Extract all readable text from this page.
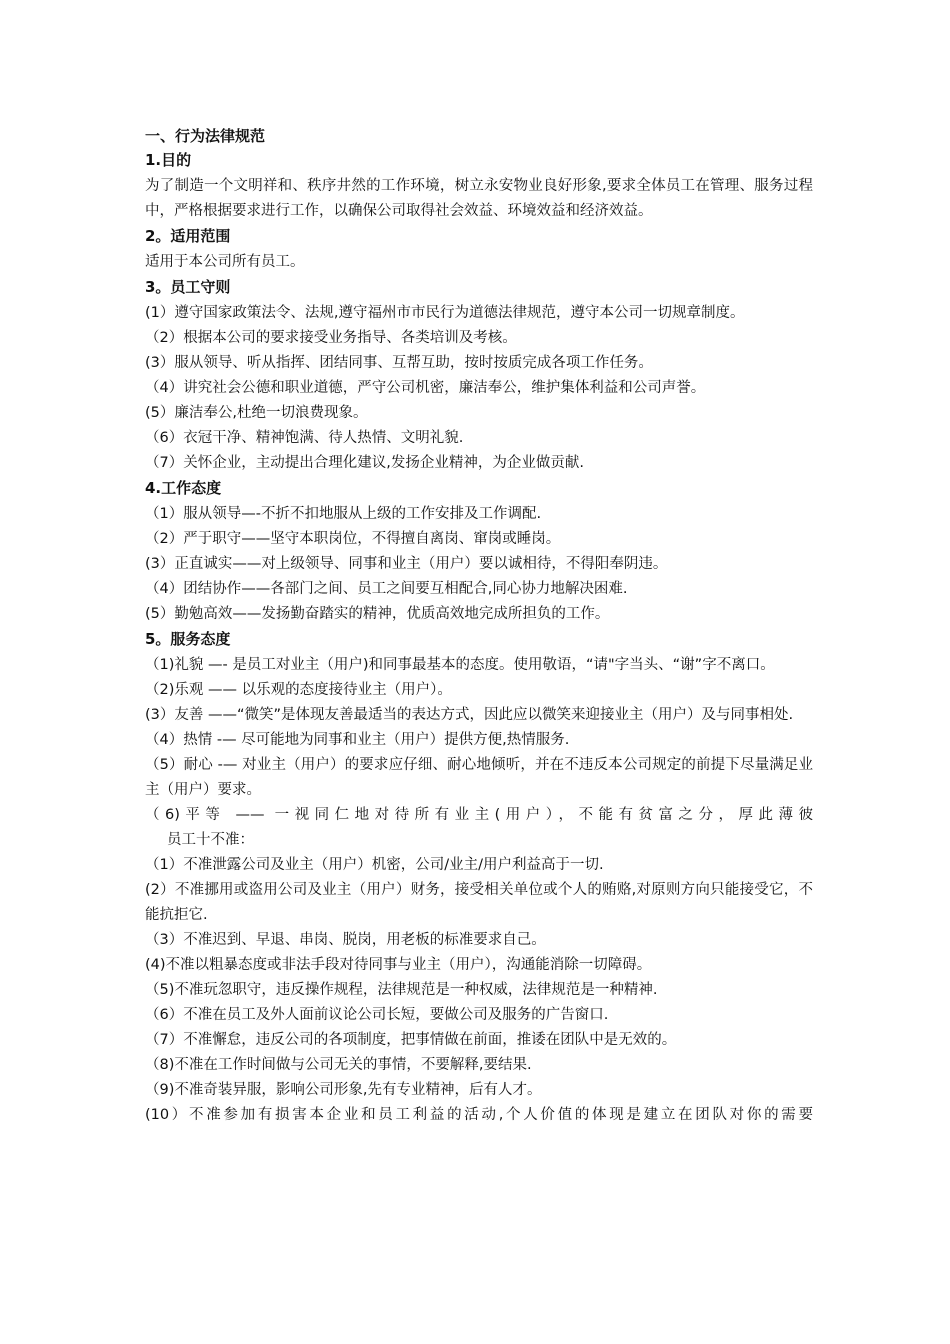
一、行为法律规范
1.目的
为了制造一个文明祥和、秩序井然的工作环境，树立永安物业良好形象,要求全体员工在管理、服务过程中，严格根据要求进行工作，以确保公司取得社会效益、环境效益和经济效益。
2。适用范围
适用于本公司所有员工。
3。员工守则
(1）遵守国家政策法令、法规,遵守福州市市民行为道德法律规范，遵守本公司一切规章制度。
（2）根据本公司的要求接受业务指导、各类培训及考核。
(3）服从领导、听从指挥、团结同事、互帮互助，按时按质完成各项工作任务。
（4）讲究社会公德和职业道德，严守公司机密，廉洁奉公，维护集体利益和公司声誉。
(5）廉洁奉公,杜绝一切浪费现象。
（6）衣冠干净、精神饱满、待人热情、文明礼貌.
（7）关怀企业，主动提出合理化建议,发扬企业精神，为企业做贡献.
4.工作态度
（1）服从领导—-不折不扣地服从上级的工作安排及工作调配.
（2）严于职守——坚守本职岗位，不得擅自离岗、窜岗或睡岗。
(3）正直诚实——对上级领导、同事和业主（用户）要以诚相待，不得阳奉阴违。
（4）团结协作——各部门之间、员工之间要互相配合,同心协力地解决困难.
(5）勤勉高效——发扬勤奋踏实的精神，优质高效地完成所担负的工作。
5。服务态度
（1)礼貌 —- 是员工对业主（用户)和同事最基本的态度。使用敬语，“请"字当头、“谢”字不离口。
（2)乐观 —— 以乐观的态度接待业主（用户）。
(3）友善 ——“微笑”是体现友善最适当的表达方式，因此应以微笑来迎接业主（用户）及与同事相处.
（4）热情 -— 尽可能地为同事和业主（用户）提供方便,热情服务.
（5）耐心 -— 对业主（用户）的要求应仔细、耐心地倾听，并在不违反本公司规定的前提下尽量满足业主（用户）要求。
（6)平等 —— 一视同仁地对待所有业主(用户），不能有贫富之分，厚此薄彼
员工十不准：
（1）不准泄露公司及业主（用户）机密，公司/业主/用户利益高于一切.
(2）不准挪用或盗用公司及业主（用户）财务，接受相关单位或个人的贿赂,对原则方向只能接受它，不能抗拒它.
（3）不准迟到、早退、串岗、脱岗，用老板的标准要求自己。
(4)不准以粗暴态度或非法手段对待同事与业主（用户），沟通能消除一切障碍。
（5)不准玩忽职守，违反操作规程，法律规范是一种权威，法律规范是一种精神.
（6）不准在员工及外人面前议论公司长短，要做公司及服务的广告窗口.
（7）不准懈怠，违反公司的各项制度，把事情做在前面，推诿在团队中是无效的。
（8)不准在工作时间做与公司无关的事情，不要解释,要结果.
（9)不准奇装异服，影响公司形象,先有专业精神，后有人才。
(10）不准参加有损害本企业和员工利益的活动,个人价值的体现是建立在团队对你的需要
